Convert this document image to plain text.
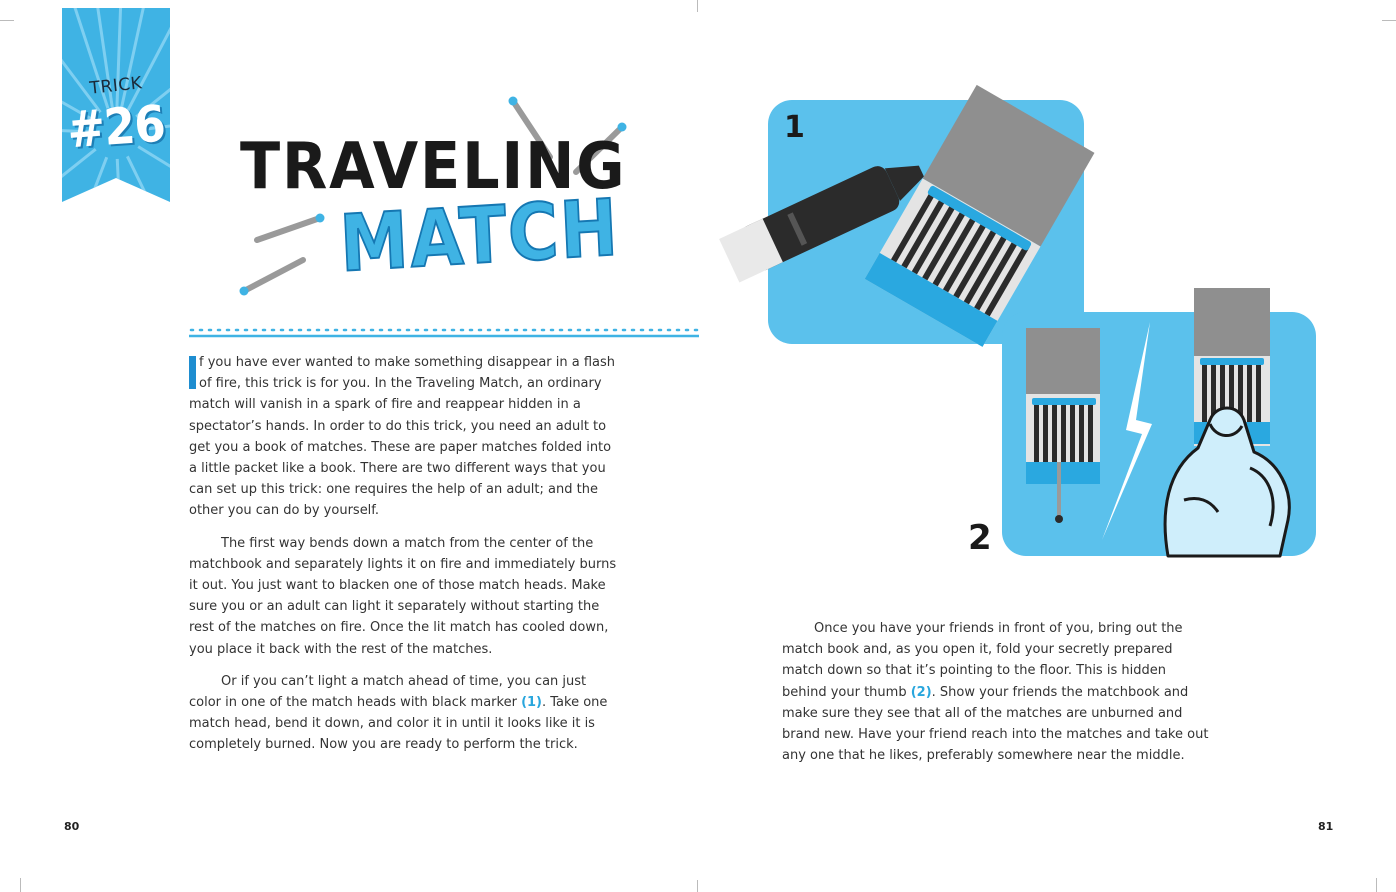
TRICK
#26
TRAVELING
MATCH

f you have ever wanted to make something disappear in a flash of fire, this trick is for you. In the Traveling Match, an ordinary match will vanish in a spark of fire and reappear hidden in a spectator’s hands. In order to do this trick, you need an adult to get you a book of matches. These are paper matches folded into a little packet like a book. There are two different ways that you can set up this trick: one requires the help of an adult; and the other you can do by yourself.

The first way bends down a match from the center of the matchbook and separately lights it on fire and immediately burns it out. You just want to blacken one of those match heads. Make sure you or an adult can light it separately without starting the rest of the matches on fire. Once the lit match has cooled down, you place it back with the rest of the matches.

Or if you can’t light a match ahead of time, you can just color in one of the match heads with black marker (1). Take one match head, bend it down, and color it in until it looks like it is completely burned. Now you are ready to perform the trick.

80
1
2

Once you have your friends in front of you, bring out the match book and, as you open it, fold your secretly prepared match down so that it’s pointing to the floor. This is hidden behind your thumb (2). Show your friends the matchbook and make sure they see that all of the matches are unburned and brand new. Have your friend reach into the matches and take out any one that he likes, preferably somewhere near the middle.

81
